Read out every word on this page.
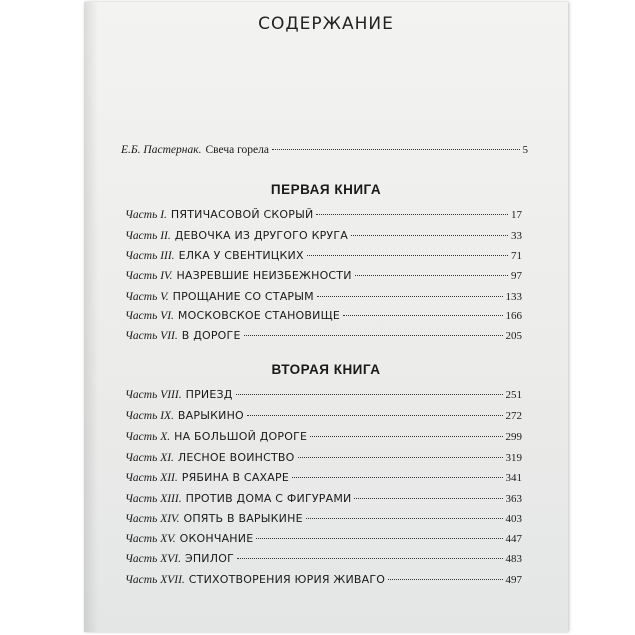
СОДЕРЖАНИЕ
Е.Б. Пастернак. Свеча горела	5
ПЕРВАЯ КНИГА
Часть I. ПЯТИЧАСОВОЙ СКОРЫЙ	17
Часть II. ДЕВОЧКА ИЗ ДРУГОГО КРУГА	33
Часть III. ЕЛКА У СВЕНТИЦКИХ	71
Часть IV. НАЗРЕВШИЕ НЕИЗБЕЖНОСТИ	97
Часть V. ПРОЩАНИЕ СО СТАРЫМ	133
Часть VI. МОСКОВСКОЕ СТАНОВИЩЕ	166
Часть VII. В ДОРОГЕ	205
ВТОРАЯ КНИГА
Часть VIII. ПРИЕЗД	251
Часть IX. ВАРЫКИНО	272
Часть X. НА БОЛЬШОЙ ДОРОГЕ	299
Часть XI. ЛЕСНОЕ ВОИНСТВО	319
Часть XII. РЯБИНА В САХАРЕ	341
Часть XIII. ПРОТИВ ДОМА С ФИГУРАМИ	363
Часть XIV. ОПЯТЬ В ВАРЫКИНЕ	403
Часть XV. ОКОНЧАНИЕ	447
Часть XVI. ЭПИЛОГ	483
Часть XVII. СТИХОТВОРЕНИЯ ЮРИЯ ЖИВАГО	497
